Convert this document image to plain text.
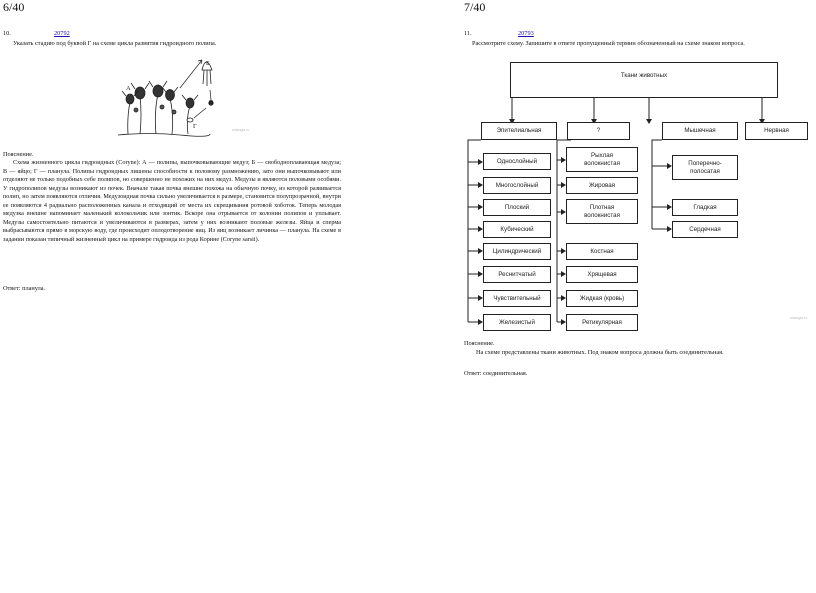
6/40
10.	20792
Указать стадию под буквой Г на схеме цикла развития гидроидного полипа.
А
Б
В
Г	sdamgia.ru
Пояснение.
Схема жизненного цикла гидроидных (Corуne): А — полипы, выпочковывающие медуз; Б — свободноплавающая медуза; В — яйцо; Г — планула. Полипы гидроидных лишены способности к половому размножению, зато они выпочковывают или отделяют не только подобных себе полипов, но совершенно не похожих на них медуз. Медузы и являются половыми особями. У гидрополипов медузы возникают из почек. Вначале такая почка внешне похожа на обычную почку, из которой развивается полип, но затем появляются отличия. Медузоидная почка сильно увеличивается в размере, становится полупрозрачной, внутри ее появляются 4 радиально расположенных канала и отходящий от места их скрещивания ротовой хоботок. Теперь молодая медузка внешне напоминает маленький колокольчик или зонтик. Вскоре она отрывается от колонии полипов и уплывает. Медузы самостоятельно питаются и увеличиваются в размерах, затем у них возникают половые железы. Яйца и сперма выбрасываются прямо в морскую воду, где происходит оплодотворение яиц. Из яиц возникает личинка — планула. На схеме в задании показан типичный жизненный цикл на примере гидроида из рода Коринe (Coryne sarsii).
Ответ: планула.
7/40
11.	20793
Рассмотрите схему. Запишите в ответе пропущенный термин обозначенный на схеме знаком вопроса.
sdamgia.ru
Пояснение.
На схеме представлены ткани животных. Под знаком вопроса должна быть соединительная.
Ответ: соединительная.
Ткани животных
Эпителиальная	?	Мышечная	Нервная
Однослойный
Многослойный
Плоский
Кубический
Цилиндрический
Реснитчатый
Чувствительный
Железистый
Рыхлая
волокнистая
Жировая
Плотная
волокнистая
Костная
Хрящевая
Жидкая (кровь)
Ретикулярная
Поперечно-
полосатая
Гладкая
Сердечная
